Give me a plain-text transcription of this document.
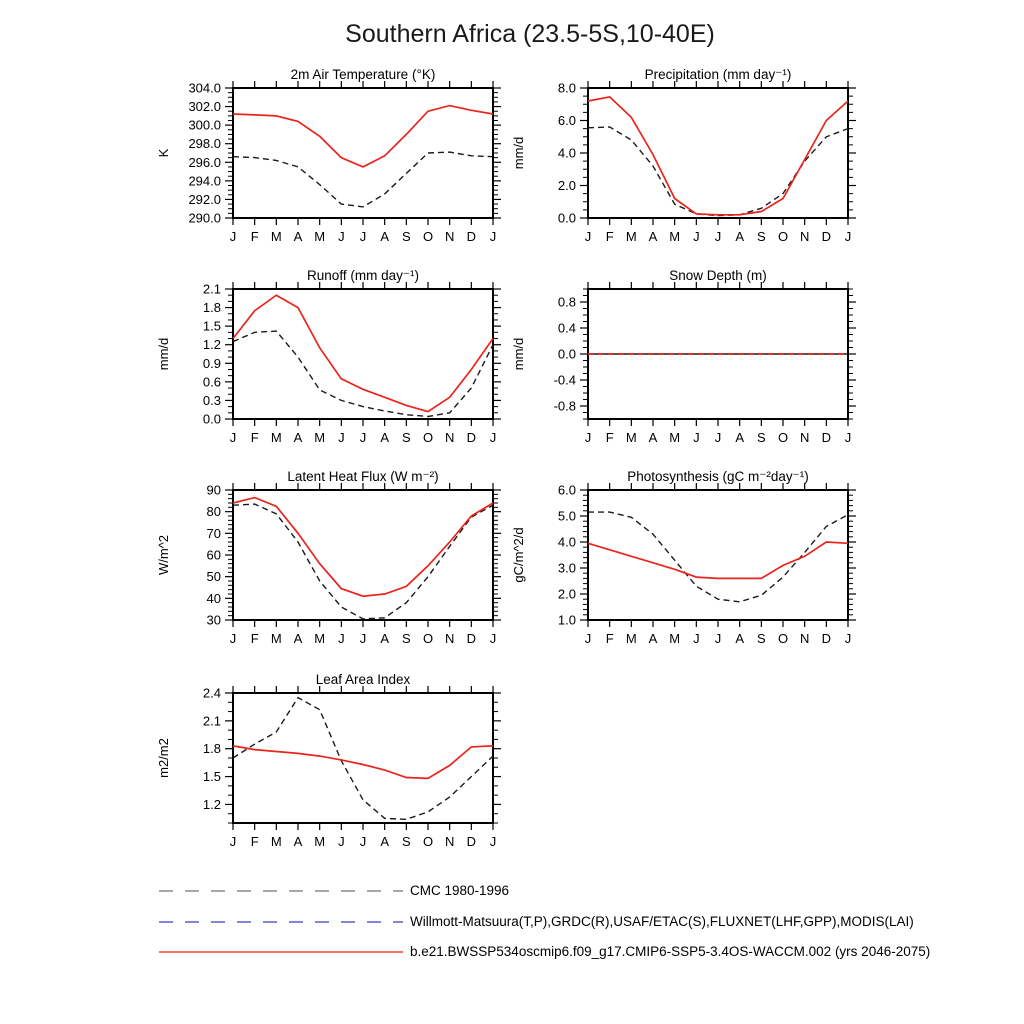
Southern Africa (23.5-5S,10-40E)
J F M A M J J A S O N D J
290.0
292.0
294.0
296.0
298.0
300.0
302.0
304.0
2m Air Temperature (°K)
K
J F M A M J J A S O N D J
0.0
2.0
4.0
6.0
8.0
Precipitation (mm day⁻¹)
mm/d
J F M A M J J A S O N D J
0.0
0.3
0.6
0.9
1.2
1.5
1.8
2.1
Runoff (mm day⁻¹)
mm/d
J F M A M J J A S O N D J
-0.8
-0.4
0.0
0.4
0.8
Snow Depth (m)
mm/d
J F M A M J J A S O N D J
30
40
50
60
70
80
90
Latent Heat Flux (W m⁻²)
W/m^2
J F M A M J J A S O N D J
1.0
2.0
3.0
4.0
5.0
6.0
Photosynthesis (gC m⁻²day⁻¹)
gC/m^2/d
J F M A M J J A S O N D J
1.2
1.5
1.8
2.1
2.4
Leaf Area Index
m2/m2
CMC 1980-1996
Willmott-Matsuura(T,P),GRDC(R),USAF/ETAC(S),FLUXNET(LHF,GPP),MODIS(LAI)
b.e21.BWSSP534oscmip6.f09_g17.CMIP6-SSP5-3.4OS-WACCM.002 (yrs 2046-2075)
